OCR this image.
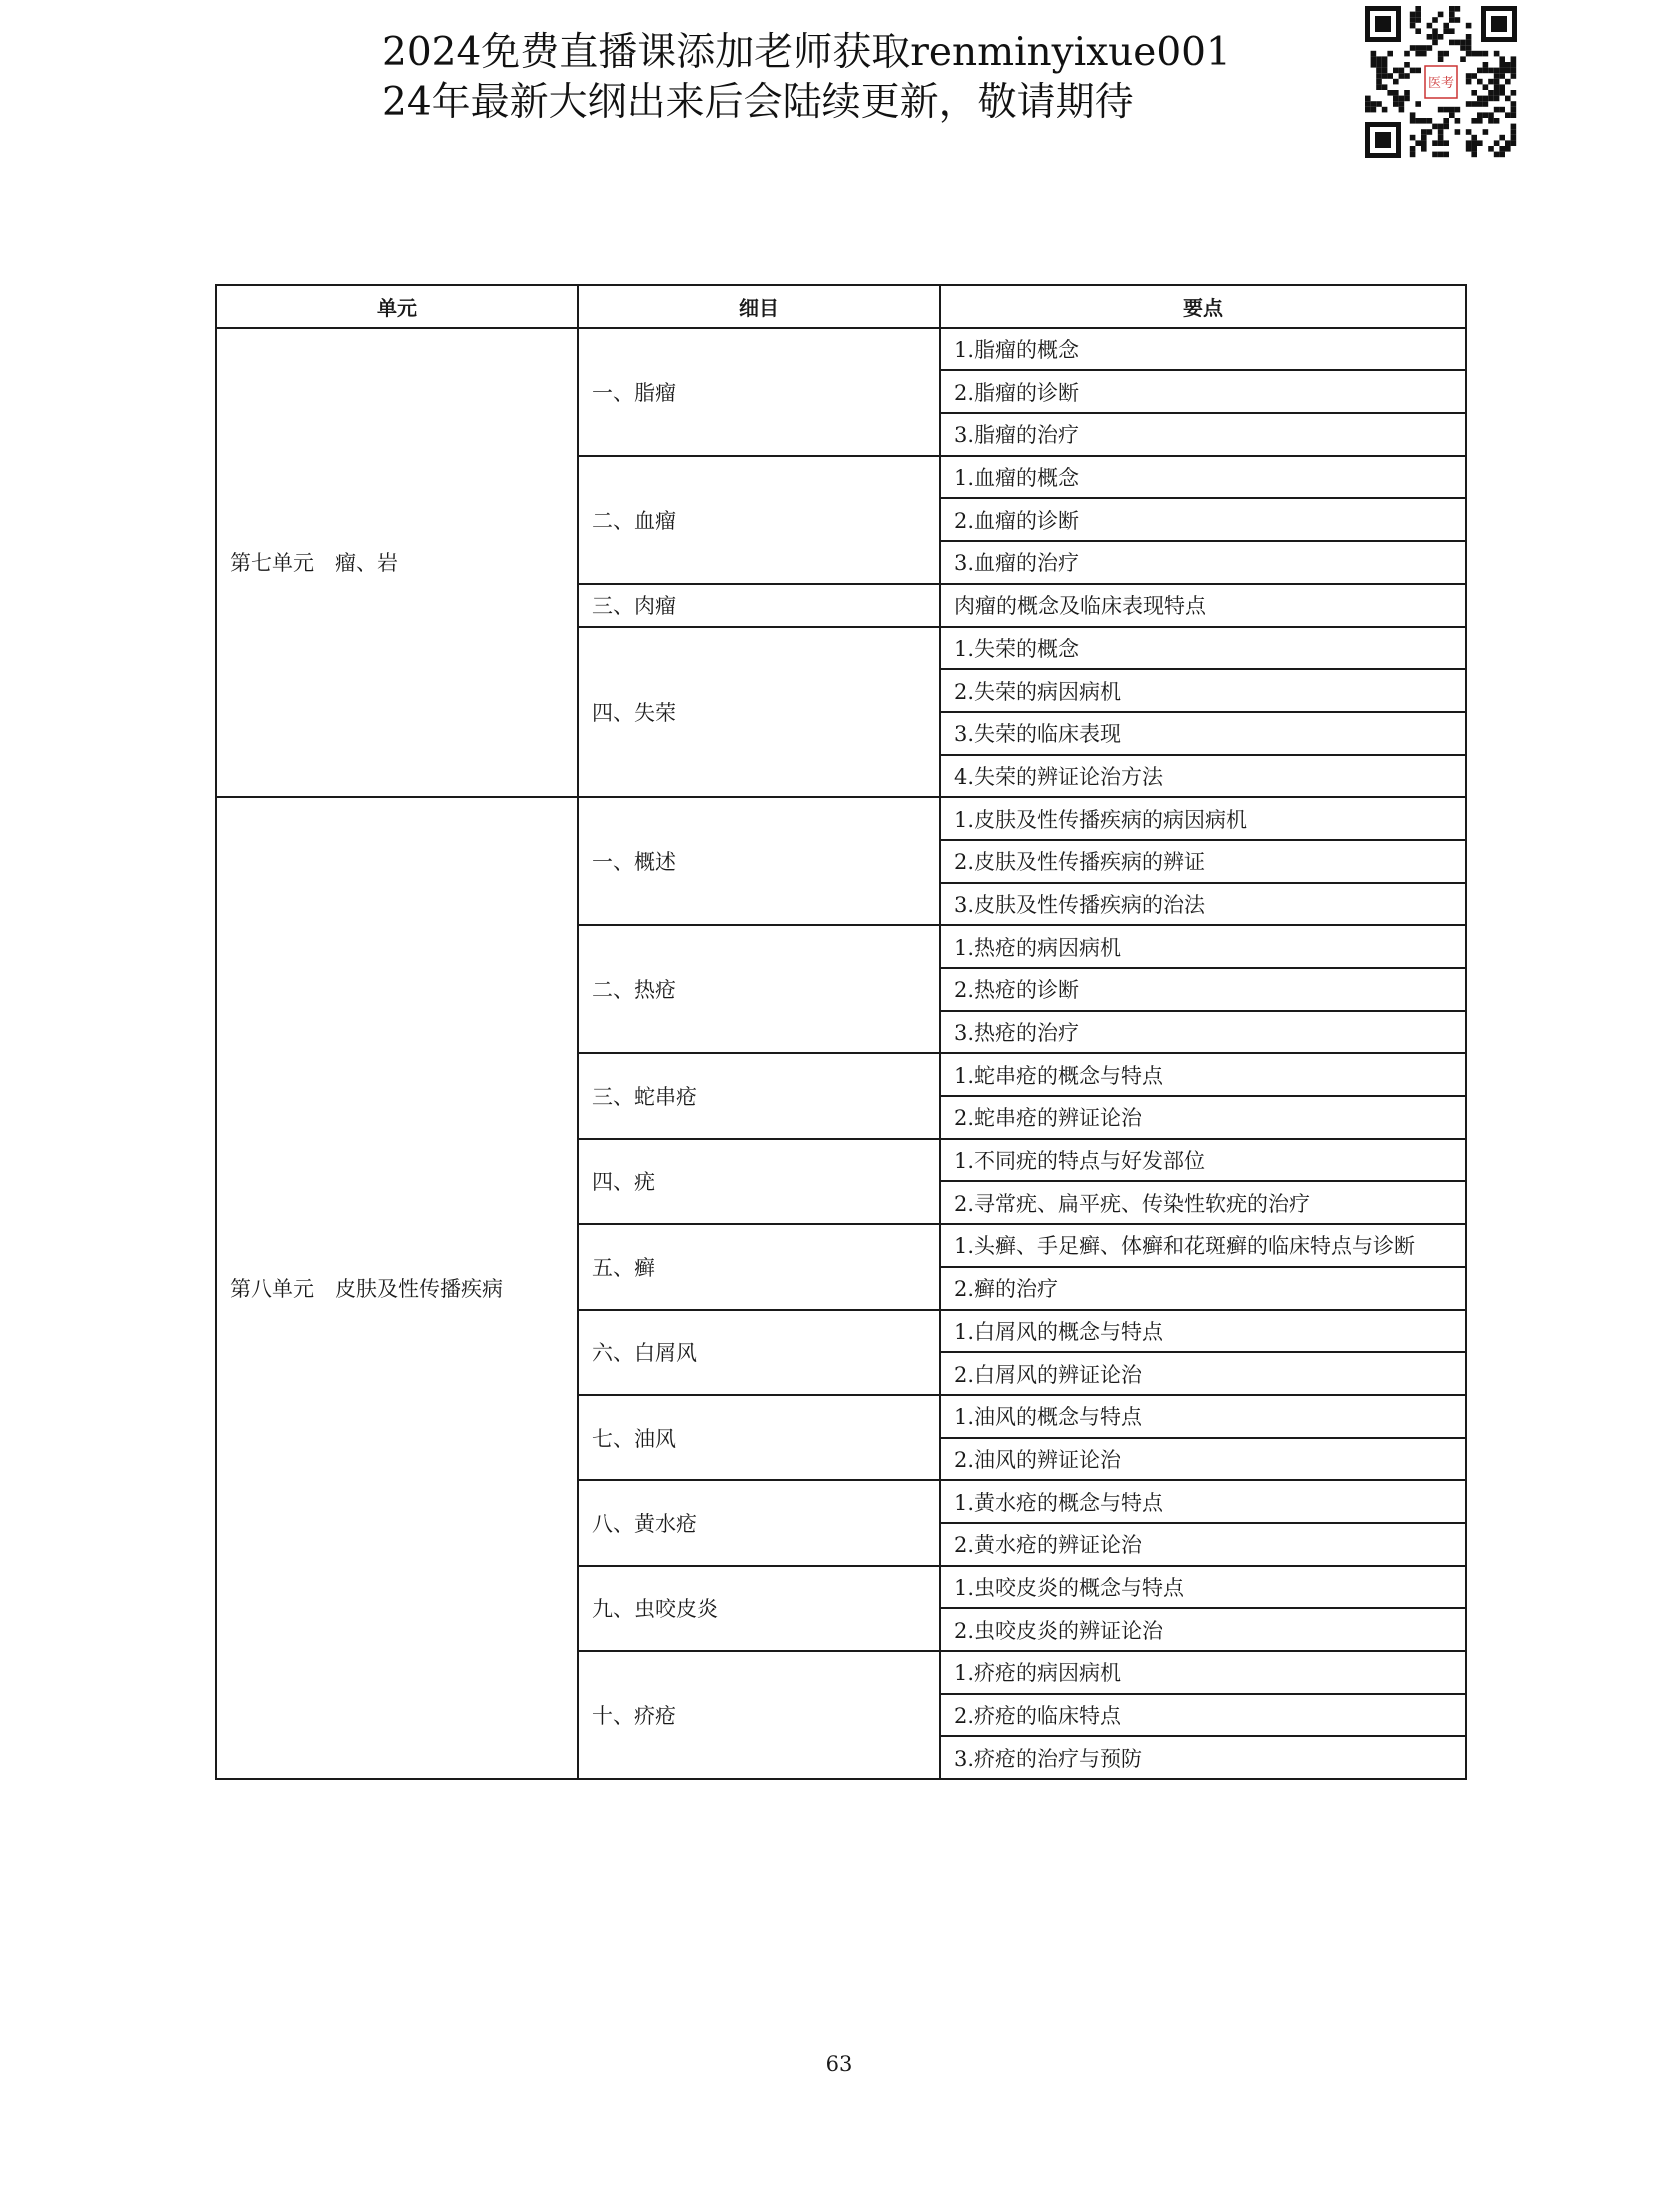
2024免费直播课添加老师获取renminyixue001
24年最新大纲出来后会陆续更新，敬请期待	医考
单元	细目	要点
第七单元　瘤、岩	一、脂瘤	1.脂瘤的概念
		2.脂瘤的诊断
		3.脂瘤的治疗
	二、血瘤	1.血瘤的概念
		2.血瘤的诊断
		3.血瘤的治疗
	三、肉瘤	肉瘤的概念及临床表现特点
	四、失荣	1.失荣的概念
		2.失荣的病因病机
		3.失荣的临床表现
		4.失荣的辨证论治方法
第八单元　皮肤及性传播疾病	一、概述	1.皮肤及性传播疾病的病因病机
		2.皮肤及性传播疾病的辨证
		3.皮肤及性传播疾病的治法
	二、热疮	1.热疮的病因病机
		2.热疮的诊断
		3.热疮的治疗
	三、蛇串疮	1.蛇串疮的概念与特点
		2.蛇串疮的辨证论治
	四、疣	1.不同疣的特点与好发部位
		2.寻常疣、扁平疣、传染性软疣的治疗
	五、癣	1.头癣、手足癣、体癣和花斑癣的临床特点与诊断
		2.癣的治疗
	六、白屑风	1.白屑风的概念与特点
		2.白屑风的辨证论治
	七、油风	1.油风的概念与特点
		2.油风的辨证论治
	八、黄水疮	1.黄水疮的概念与特点
		2.黄水疮的辨证论治
	九、虫咬皮炎	1.虫咬皮炎的概念与特点
		2.虫咬皮炎的辨证论治
	十、疥疮	1.疥疮的病因病机
		2.疥疮的临床特点
		3.疥疮的治疗与预防
63
